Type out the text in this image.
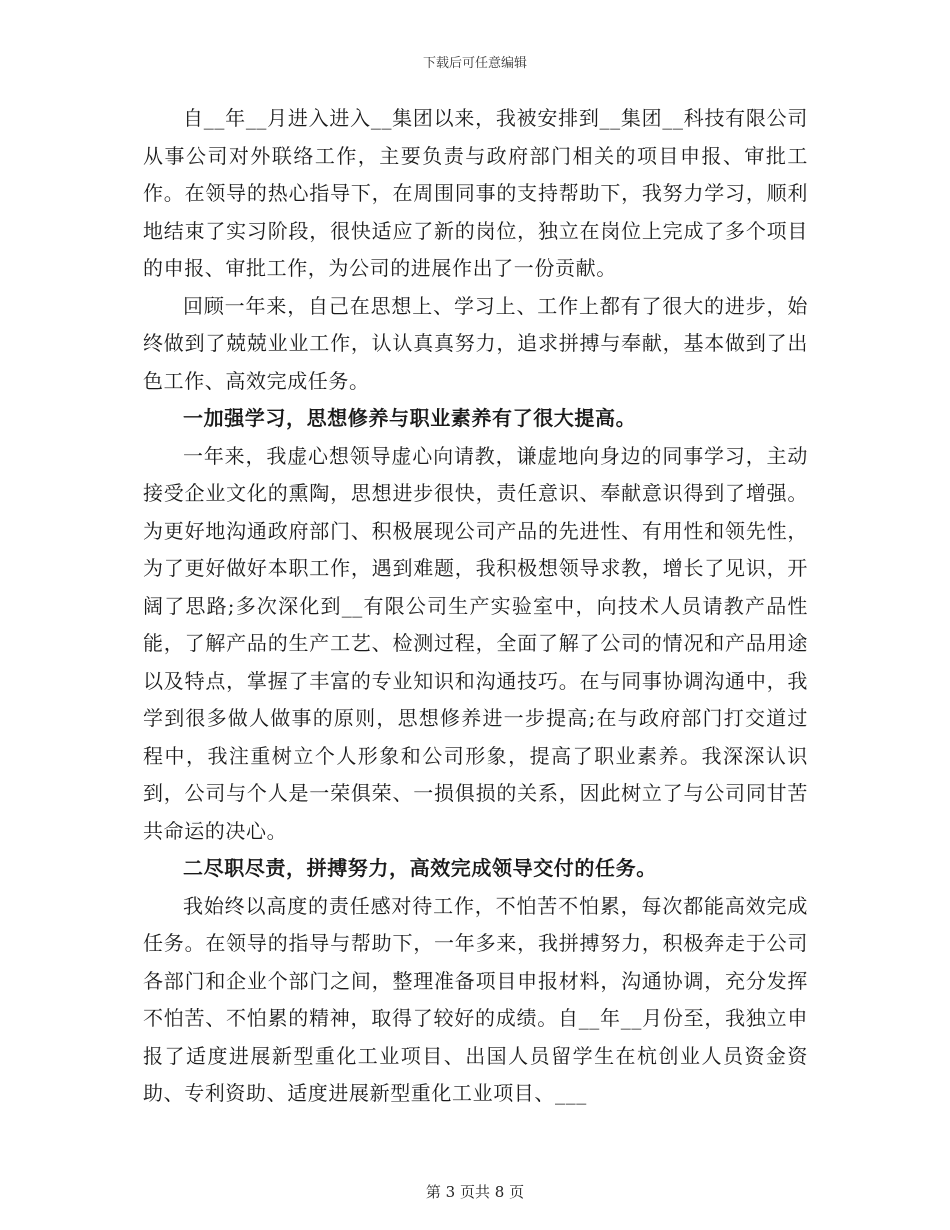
下载后可任意编辑

自__年__月进入进入__集团以来，我被安排到__集团__科技有限公司从事公司对外联络工作，主要负责与政府部门相关的项目申报、审批工作。在领导的热心指导下，在周围同事的支持帮助下，我努力学习，顺利地结束了实习阶段，很快适应了新的岗位，独立在岗位上完成了多个项目的申报、审批工作，为公司的进展作出了一份贡献。

回顾一年来，自己在思想上、学习上、工作上都有了很大的进步，始终做到了兢兢业业工作，认认真真努力，追求拼搏与奉献，基本做到了出色工作、高效完成任务。

一加强学习，思想修养与职业素养有了很大提高。

一年来，我虚心想领导虚心向请教，谦虚地向身边的同事学习，主动接受企业文化的熏陶，思想进步很快，责任意识、奉献意识得到了增强。为更好地沟通政府部门、积极展现公司产品的先进性、有用性和领先性，为了更好做好本职工作，遇到难题，我积极想领导求教，增长了见识，开阔了思路;多次深化到__有限公司生产实验室中，向技术人员请教产品性能，了解产品的生产工艺、检测过程，全面了解了公司的情况和产品用途以及特点，掌握了丰富的专业知识和沟通技巧。在与同事协调沟通中，我学到很多做人做事的原则，思想修养进一步提高;在与政府部门打交道过程中，我注重树立个人形象和公司形象，提高了职业素养。我深深认识到，公司与个人是一荣俱荣、一损俱损的关系，因此树立了与公司同甘苦共命运的决心。

二尽职尽责，拼搏努力，高效完成领导交付的任务。

我始终以高度的责任感对待工作，不怕苦不怕累，每次都能高效完成任务。在领导的指导与帮助下，一年多来，我拼搏努力，积极奔走于公司各部门和企业个部门之间，整理准备项目申报材料，沟通协调，充分发挥不怕苦、不怕累的精神，取得了较好的成绩。自__年__月份至，我独立申报了适度进展新型重化工业项目、出国人员留学生在杭创业人员资金资助、专利资助、适度进展新型重化工业项目、___

第 3 页共 8 页
